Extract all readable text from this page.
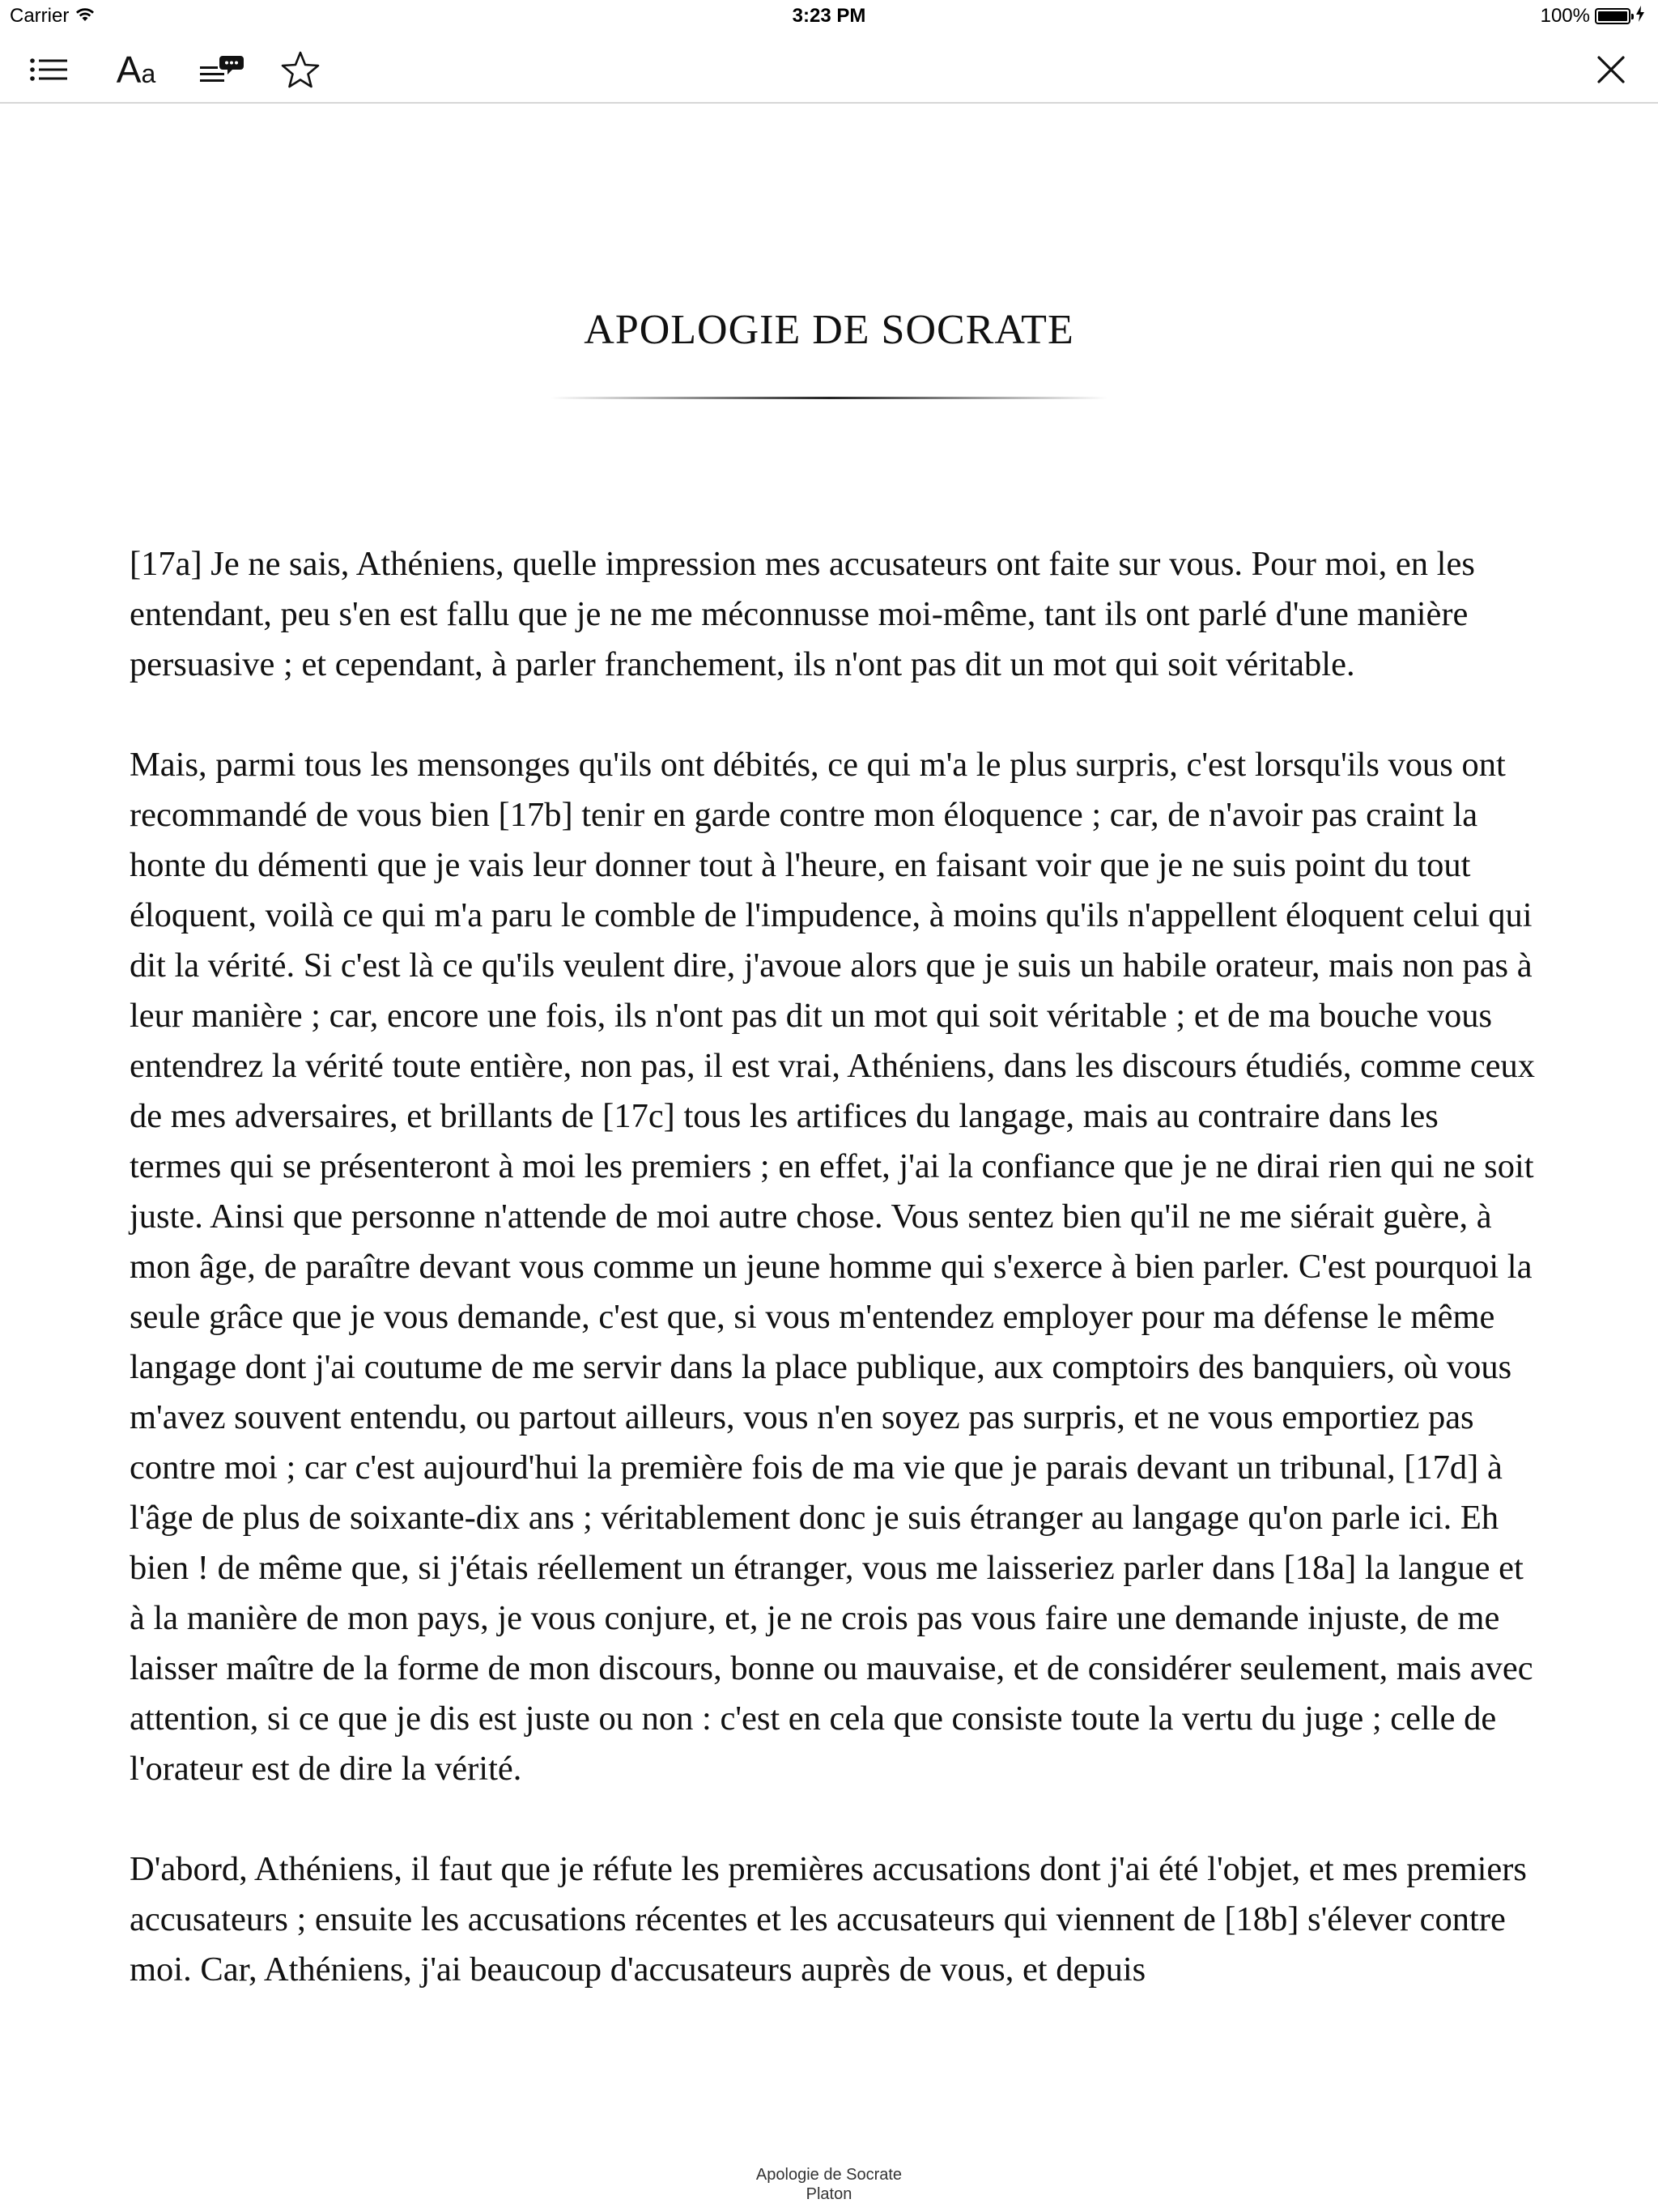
Carrier	3:23 PM	100%
Aa
APOLOGIE DE SOCRATE

[17a] Je ne sais, Athéniens, quelle impression mes accusateurs ont faite sur vous. Pour moi, en les entendant, peu s'en est fallu que je ne me méconnusse moi-même, tant ils ont parlé d'une manière persuasive ; et cependant, à parler franchement, ils n'ont pas dit un mot qui soit véritable.

Mais, parmi tous les mensonges qu'ils ont débités, ce qui m'a le plus surpris, c'est lorsqu'ils vous ont recommandé de vous bien [17b] tenir en garde contre mon éloquence ; car, de n'avoir pas craint la honte du démenti que je vais leur donner tout à l'heure, en faisant voir que je ne suis point du tout éloquent, voilà ce qui m'a paru le comble de l'impudence, à moins qu'ils n'appellent éloquent celui qui dit la vérité. Si c'est là ce qu'ils veulent dire, j'avoue alors que je suis un habile orateur, mais non pas à leur manière ; car, encore une fois, ils n'ont pas dit un mot qui soit véritable ; et de ma bouche vous entendrez la vérité toute entière, non pas, il est vrai, Athéniens, dans les discours étudiés, comme ceux de mes adversaires, et brillants de [17c] tous les artifices du langage, mais au contraire dans les termes qui se présenteront à moi les premiers ; en effet, j'ai la confiance que je ne dirai rien qui ne soit juste. Ainsi que personne n'attende de moi autre chose. Vous sentez bien qu'il ne me siérait guère, à mon âge, de paraître devant vous comme un jeune homme qui s'exerce à bien parler. C'est pourquoi la seule grâce que je vous demande, c'est que, si vous m'entendez employer pour ma défense le même langage dont j'ai coutume de me servir dans la place publique, aux comptoirs des banquiers, où vous m'avez souvent entendu, ou partout ailleurs, vous n'en soyez pas surpris, et ne vous emportiez pas contre moi ; car c'est aujourd'hui la première fois de ma vie que je parais devant un tribunal, [17d] à l'âge de plus de soixante-dix ans ; véritablement donc je suis étranger au langage qu'on parle ici. Eh bien ! de même que, si j'étais réellement un étranger, vous me laisseriez parler dans [18a] la langue et à la manière de mon pays, je vous conjure, et, je ne crois pas vous faire une demande injuste, de me laisser maître de la forme de mon discours, bonne ou mauvaise, et de considérer seulement, mais avec attention, si ce que je dis est juste ou non : c'est en cela que consiste toute la vertu du juge ; celle de l'orateur est de dire la vérité.

D'abord, Athéniens, il faut que je réfute les premières accusations dont j'ai été l'objet, et mes premiers accusateurs ; ensuite les accusations récentes et les accusateurs qui viennent de [18b] s'élever contre moi. Car, Athéniens, j'ai beaucoup d'accusateurs auprès de vous, et depuis

Apologie de Socrate
Platon
